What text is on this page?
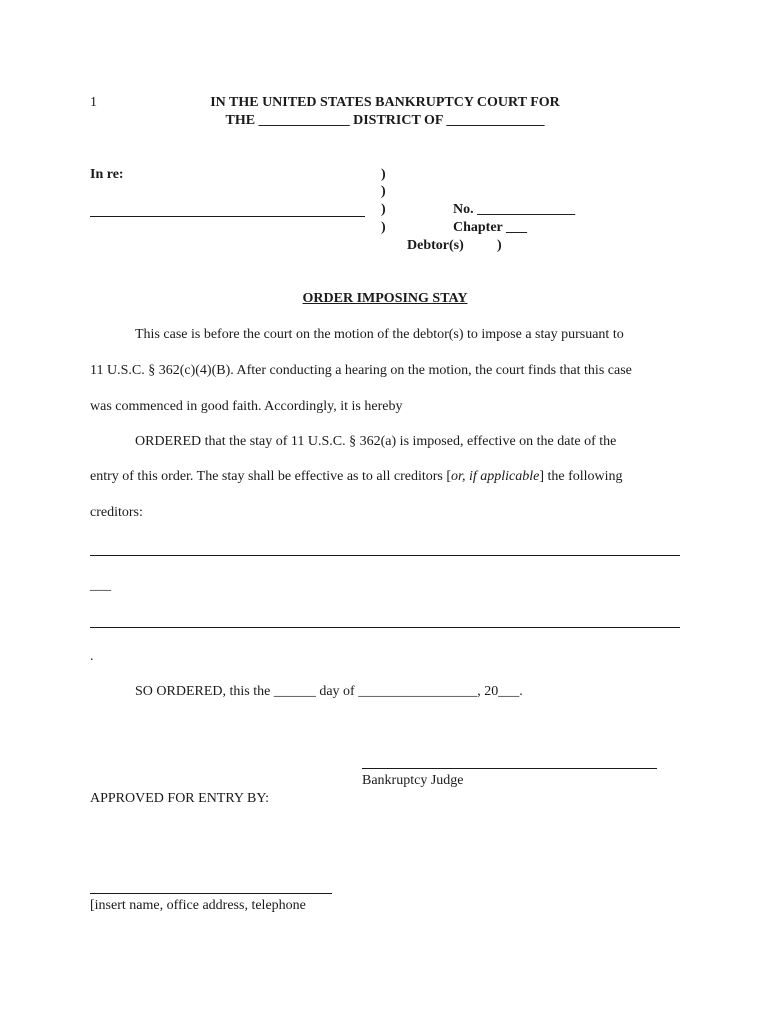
1	IN THE UNITED STATES BANKRUPTCY COURT FOR
THE _____________ DISTRICT OF ______________
In re:	)
)
)
)
No. ______________
Chapter ___
Debtor(s) )
ORDER IMPOSING STAY
This case is before the court on the motion of the debtor(s) to impose a stay pursuant to
11 U.S.C. § 362(c)(4)(B). After conducting a hearing on the motion, the court finds that this case
was commenced in good faith. Accordingly, it is hereby
ORDERED that the stay of 11 U.S.C. § 362(a) is imposed, effective on the date of the
entry of this order. The stay shall be effective as to all creditors [or, if applicable] the following
creditors:
___
.
SO ORDERED, this the ______ day of _________________, 20___.
Bankruptcy Judge
APPROVED FOR ENTRY BY:
[insert name, office address, telephone
